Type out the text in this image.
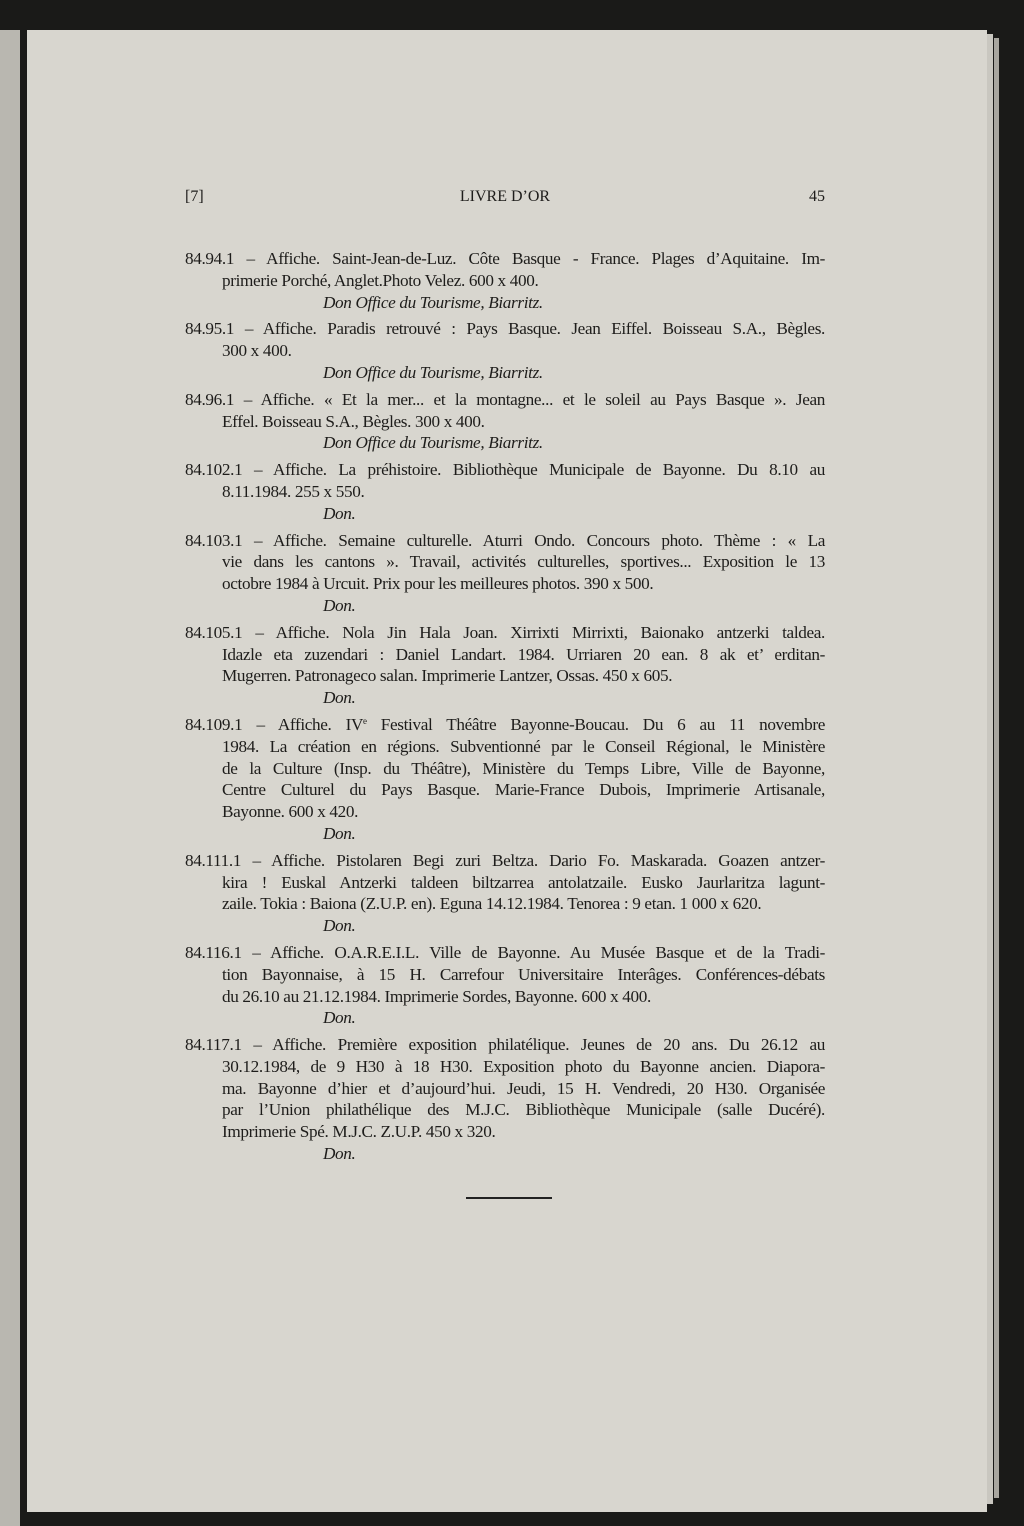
[7]	LIVRE D’OR	45
84.94.1 – Affiche. Saint-Jean-de-Luz. Côte Basque - France. Plages d’Aquitaine. Im-
primerie Porché, Anglet.Photo Velez. 600 x 400.
Don Office du Tourisme, Biarritz.
84.95.1 – Affiche. Paradis retrouvé : Pays Basque. Jean Eiffel. Boisseau S.A., Bègles.
300 x 400.
Don Office du Tourisme, Biarritz.
84.96.1 – Affiche. « Et la mer... et la montagne... et le soleil au Pays Basque ». Jean
Effel. Boisseau S.A., Bègles. 300 x 400.
Don Office du Tourisme, Biarritz.
84.102.1 – Affiche. La préhistoire. Bibliothèque Municipale de Bayonne. Du 8.10 au
8.11.1984. 255 x 550.
Don.
84.103.1 – Affiche. Semaine culturelle. Aturri Ondo. Concours photo. Thème : « La
vie dans les cantons ». Travail, activités culturelles, sportives... Exposition le 13
octobre 1984 à Urcuit. Prix pour les meilleures photos. 390 x 500.
Don.
84.105.1 – Affiche. Nola Jin Hala Joan. Xirrixti Mirrixti, Baionako antzerki taldea.
Idazle eta zuzendari : Daniel Landart. 1984. Urriaren 20 ean. 8 ak et’ erditan-
Mugerren. Patronageco salan. Imprimerie Lantzer, Ossas. 450 x 605.
Don.
84.109.1 – Affiche. IVe Festival Théâtre Bayonne-Boucau. Du 6 au 11 novembre
1984. La création en régions. Subventionné par le Conseil Régional, le Ministère
de la Culture (Insp. du Théâtre), Ministère du Temps Libre, Ville de Bayonne,
Centre Culturel du Pays Basque. Marie-France Dubois, Imprimerie Artisanale,
Bayonne. 600 x 420.
Don.
84.111.1 – Affiche. Pistolaren Begi zuri Beltza. Dario Fo. Maskarada. Goazen antzer-
kira ! Euskal Antzerki taldeen biltzarrea antolatzaile. Eusko Jaurlaritza lagunt-
zaile. Tokia : Baiona (Z.U.P. en). Eguna 14.12.1984. Tenorea : 9 etan. 1 000 x 620.
Don.
84.116.1 – Affiche. O.A.R.E.I.L. Ville de Bayonne. Au Musée Basque et de la Tradi-
tion Bayonnaise, à 15 H. Carrefour Universitaire Interâges. Conférences-débats
du 26.10 au 21.12.1984. Imprimerie Sordes, Bayonne. 600 x 400.
Don.
84.117.1 – Affiche. Première exposition philatélique. Jeunes de 20 ans. Du 26.12 au
30.12.1984, de 9 H30 à 18 H30. Exposition photo du Bayonne ancien. Diapora-
ma. Bayonne d’hier et d’aujourd’hui. Jeudi, 15 H. Vendredi, 20 H30. Organisée
par l’Union philathélique des M.J.C. Bibliothèque Municipale (salle Ducéré).
Imprimerie Spé. M.J.C. Z.U.P. 450 x 320.
Don.
